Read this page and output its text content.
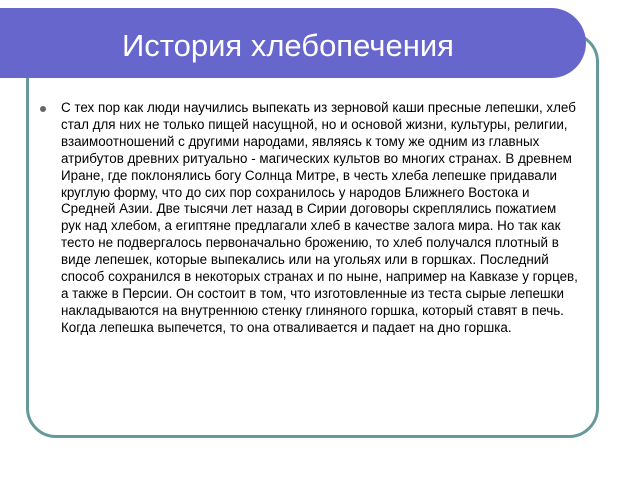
История хлебопечения

С тех пор как люди научились выпекать из зерновой каши пресные лепешки, хлеб стал для них не только пищей насущной, но и основой жизни, культуры, религии, взаимоотношений с другими народами, являясь к тому же одним из главных атрибутов древних ритуально - магических культов во многих странах. В древнем Иране, где поклонялись богу Солнца Митре, в честь хлеба лепешке придавали круглую форму, что до сих пор сохранилось у народов Ближнего Востока и Средней Азии. Две тысячи лет назад в Сирии договоры скреплялись пожатием рук над хлебом, а египтяне предлагали хлеб в качестве залога мира. Но так как тесто не подвергалось первоначально брожению, то хлеб получался плотный в виде лепешек, которые выпекались или на угольях или в горшках. Последний способ сохранился в некоторых странах и по ныне, например на Кавказе у горцев, а также в Персии. Он состоит в том, что изготовленные из теста сырые лепешки накладываются на внутреннюю стенку глиняного горшка, который ставят в печь. Когда лепешка выпечется, то она отваливается и падает на дно горшка.
